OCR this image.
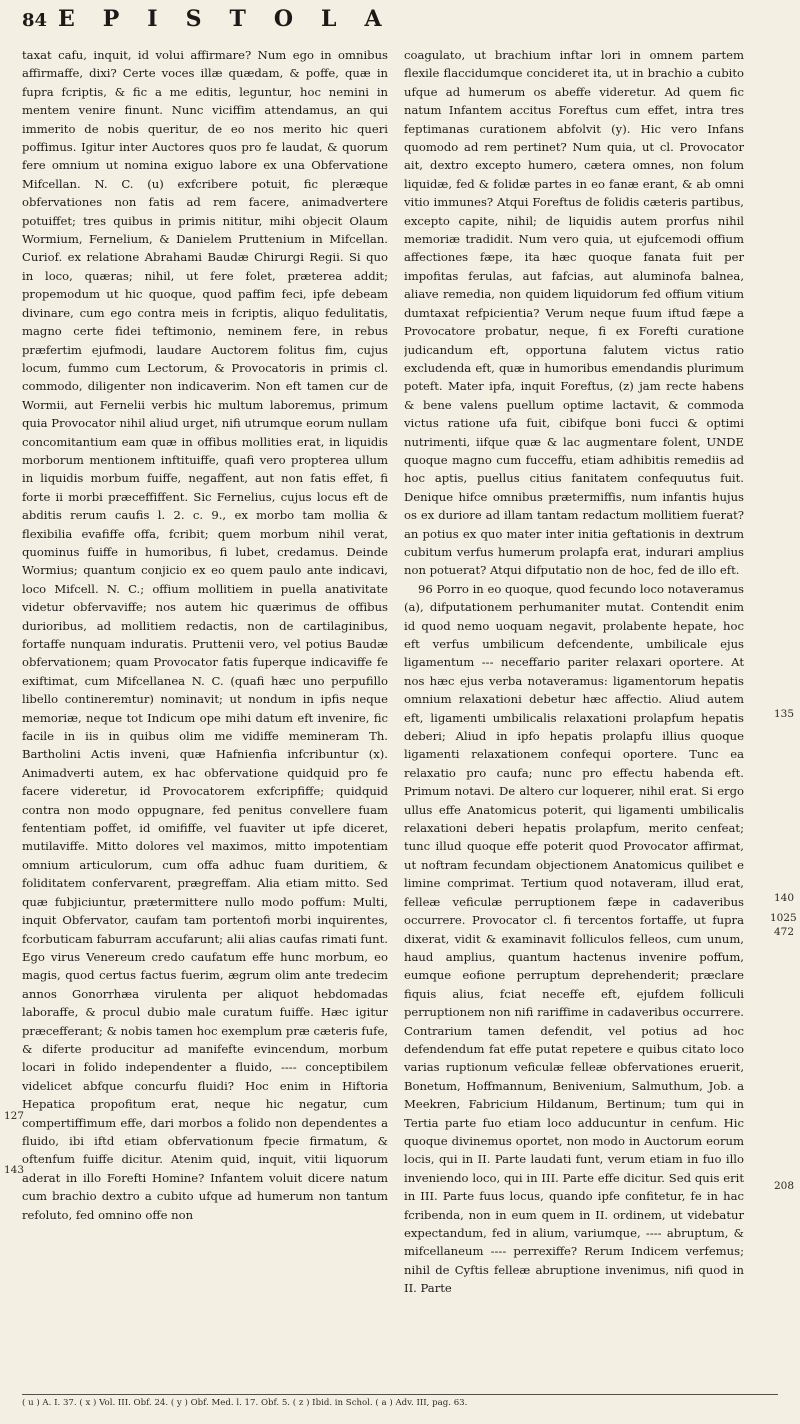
84 EPISTOLA

taxat cafu, inquit, id volui affirmare? Num ego in omnibus affirmaffe, dixi? Certe voces illæ quædam, & poffe, quæ in fupra fcriptis, & fic a me editis, leguntur, hoc nemini in mentem venire finunt. Nunc viciffim attendamus, an qui immerito de nobis queritur, de eo nos merito hic queri poffimus. Igitur inter Auctores quos pro fe laudat, & quorum fere omnium ut nomina exiguo labore ex una Obfervatione Mifcellan. N. C. (u) exfcribere potuit, fic pleræque obfervationes non fatis ad rem facere, animadvertere potuiffet; tres quibus in primis nititur, mihi objecit Olaum Wormium, Fernelium, & Danielem Pruttenium in Mifcellan. Curiof. ex relatione Abrahami Baudæ Chirurgi Regii. Si quo in loco, quæras; nihil, ut fere folet, præterea addit; propemodum ut hic quoque, quod paffim feci, ipfe debeam divinare, cum ego contra meis in fcriptis, aliquo fedulitatis, magno certe fidei teftimonio, neminem fere, in rebus præfertim ejufmodi, laudare Auctorem folitus fim, cujus locum, fummo cum Lectorum, & Provocatoris in primis cl. commodo, diligenter non indicaverim. Non eft tamen cur de Wormii, aut Fernelii verbis hic multum laboremus, primum quia Provocator nihil aliud urget, nifi utrumque eorum nullam concomitantium eam quæ in offibus mollities erat, in liquidis morborum mentionem inftituiffe, quafi vero propterea ullum in liquidis morbum fuiffe, negaffent, aut non fatis effet, fi forte ii morbi præceffiffent. Sic Fernelius, cujus locus eft de abditis rerum caufis l. 2. c. 9., ex morbo tam mollia & flexibilia evafiffe offa, fcribit; quem morbum nihil verat, quominus fuiffe in humoribus, fi lubet, credamus. Deinde Wormius; quantum conjicio ex eo quem paulo ante indicavi, loco Mifcell. N. C.; offium mollitiem in puella anativitate videtur obfervaviffe; nos autem hic quærimus de offibus durioribus, ad mollitiem redactis, non de cartilaginibus, fortaffe nunquam induratis. Pruttenii vero, vel potius Baudæ obfervationem; quam Provocator fatis fuperque indicaviffe fe exiftimat, cum Mifcellanea N. C. (quafi hæc uno perpufillo libello contineremtur) nominavit; ut nondum in ipfis neque memoriæ, neque tot Indicum ope mihi datum eft invenire, fic facile in iis in quibus olim me vidiffe memineram Th. Bartholini Actis inveni, quæ Hafnienfia infcribuntur (x). Animadverti autem, ex hac obfervatione quidquid pro fe facere videretur, id Provocatorem exfcripfiffe; quidquid contra non modo oppugnare, fed penitus convellere fuam fententiam poffet, id omififfe, vel fuaviter ut ipfe diceret, mutilaviffe. Mitto dolores vel maximos, mitto impotentiam omnium articulorum, cum offa adhuc fuam duritiem, & foliditatem confervarent, prægreffam. Alia etiam mitto. Sed quæ fubjiciuntur, prætermittere nullo modo poffum: Multi, inquit Obfervator, caufam tam portentofi morbi inquirentes, fcorbuticam faburram accufarunt; alii alias caufas rimati funt. Ego virus Venereum credo caufatum effe hunc morbum, eo magis, quod certus factus fuerim, ægrum olim ante tredecim annos Gonorrhæa virulenta per aliquot hebdomadas laboraffe, & procul dubio male curatum fuiffe. Hæc igitur præcefferant; & nobis tamen hoc exemplum præ cæteris fufe, & diferte producitur ad manifefte evincendum, morbum locari in folido independenter a fluido, ---- conceptibilem videlicet abfque concurfu fluidi? Hoc enim in Hiftoria Hepatica propofitum erat, neque hic negatur, cum compertiffimum effe, dari morbos a folido non dependentes a fluido, ibi iftd etiam obfervationum fpecie firmatum, & oftenfum fuiffe dicitur. Atenim quid, inquit, vitii liquorum aderat in illo Forefti Homine? Infantem voluit dicere natum cum brachio dextro a cubito ufque ad humerum non tantum refoluto, fed omnino offe non

coagulato, ut brachium inftar lori in omnem partem flexile flaccidumque concideret ita, ut in brachio a cubito ufque ad humerum os abeffe videretur. Ad quem fic natum Infantem accitus Foreftus cum effet, intra tres feptimanas curationem abfolvit (y). Hic vero Infans quomodo ad rem pertinet? Num quia, ut cl. Provocator ait, dextro excepto humero, cætera omnes, non folum liquidæ, fed & folidæ partes in eo fanæ erant, & ab omni vitio immunes? Atqui Foreftus de folidis cæteris partibus, excepto capite, nihil; de liquidis autem prorfus nihil memoriæ tradidit. Num vero quia, ut ejufcemodi offium affectiones fæpe, ita hæc quoque fanata fuit per impofitas ferulas, aut fafcias, aut aluminofa balnea, aliave remedia, non quidem liquidorum fed offium vitium dumtaxat refpicientia? Verum neque fuum iftud fæpe a Provocatore probatur, neque, fi ex Forefti curatione judicandum eft, opportuna falutem victus ratio excludenda eft, quæ in humoribus emendandis plurimum poteft. Mater ipfa, inquit Foreftus, (z) jam recte habens & bene valens puellum optime lactavit, & commoda victus ratione ufa fuit, cibifque boni fucci & optimi nutrimenti, iifque quæ & lac augmentare folent, UNDE quoque magno cum fucceffu, etiam adhibitis remediis ad hoc aptis, puellus citius fanitatem confequutus fuit. Denique hifce omnibus prætermiffis, num infantis hujus os ex duriore ad illam tantam redactum mollitiem fuerat? an potius ex quo mater inter initia geftationis in dextrum cubitum verfus humerum prolapfa erat, indurari amplius non potuerat? Atqui difputatio non de hoc, fed de illo eft.

96 Porro in eo quoque, quod fecundo loco notaveramus (a), difputationem perhumaniter mutat. Contendit enim id quod nemo uoquam negavit, prolabente hepate, hoc eft verfus umbilicum defcendente, umbilicale ejus ligamentum --- neceffario pariter relaxari oportere. At nos hæc ejus verba notaveramus: ligamentorum hepatis omnium relaxationi debetur hæc affectio. Aliud autem eft, ligamenti umbilicalis relaxationi prolapfum hepatis deberi; Aliud in ipfo hepatis prolapfu illius quoque ligamenti relaxationem confequi oportere. Tunc ea relaxatio pro caufa; nunc pro effectu habenda eft. Primum notavi. De altero cur loquerer, nihil erat. Si ergo ullus effe Anatomicus poterit, qui ligamenti umbilicalis relaxationi deberi hepatis prolapfum, merito cenfeat; tunc illud quoque effe poterit quod Provocator affirmat, ut noftram fecundam objectionem Anatomicus quilibet e limine comprimat. Tertium quod notaveram, illud erat, felleæ veficulæ perruptionem fæpe in cadaveribus occurrere. Provocator cl. fi tercentos fortaffe, ut fupra dixerat, vidit & examinavit folliculos felleos, cum unum, haud amplius, quantum hactenus invenire poffum, eumque eofione perruptum deprehenderit; præclare fiquis alius, fciat neceffe eft, ejufdem folliculi perruptionem non nifi rariffime in cadaveribus occurrere. Contrarium tamen defendit, vel potius ad hoc defendendum fat effe putat repetere e quibus citato loco varias ruptionum veficulæ felleæ obfervationes eruerit, Bonetum, Hoffmannum, Benivenium, Salmuthum, Job. a Meekren, Fabricium Hildanum, Bertinum; tum qui in Tertia parte fuo etiam loco adducuntur in cenfum. Hic quoque divinemus oportet, non modo in Auctorum eorum locis, qui in II. Parte laudati funt, verum etiam in fuo illo inveniendo loco, qui in III. Parte effe dicitur. Sed quis erit in III. Parte fuus locus, quando ipfe confitetur, fe in hac fcribenda, non in eum quem in II. ordinem, ut videbatur expectandum, fed in alium, variumque, ---- abruptum, & mifcellaneum ---- perrexiffe? Rerum Indicem verfemus; nihil de Cyftis felleæ abruptione invenimus, nifi quod in II. Parte

127
143
135
140
1025
472
208
( u ) A. I. 37. ( x ) Vol. III. Obf. 24. ( y ) Obf. Med. l. 17. Obf. 5. ( z ) Ibid. in Schol. ( a ) Adv. III, pag. 63.
